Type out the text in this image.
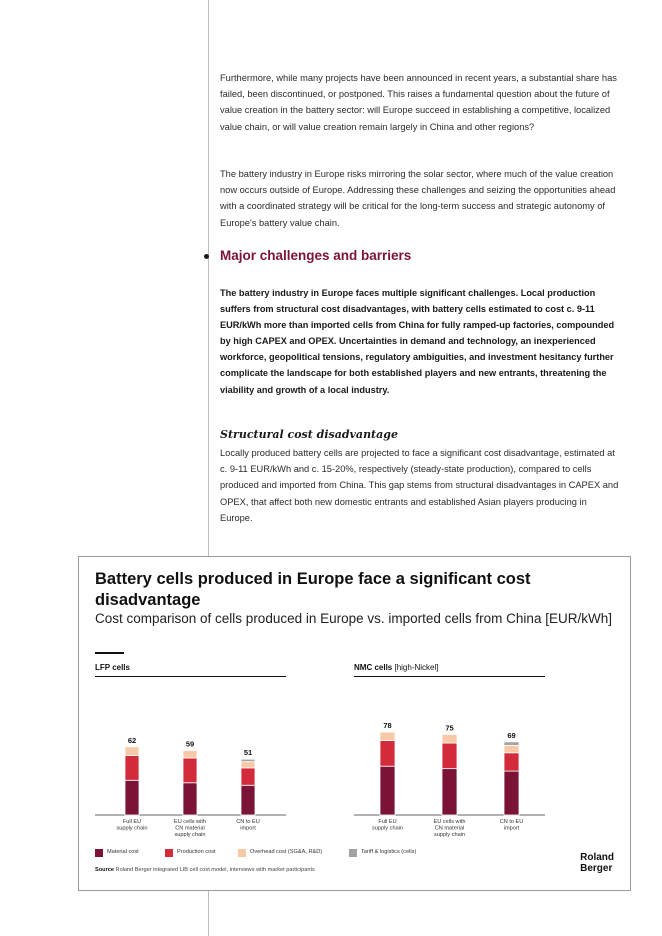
Furthermore, while many projects have been announced in recent years, a substantial share has failed, been discontinued, or postponed. This raises a fundamental question about the future of value creation in the battery sector: will Europe succeed in establishing a competitive, localized value chain, or will value creation remain largely in China and other regions?
The battery industry in Europe risks mirroring the solar sector, where much of the value creation now occurs outside of Europe. Addressing these challenges and seizing the opportunities ahead with a coordinated strategy will be critical for the long-term success and strategic autonomy of Europe's battery value chain.
Major challenges and barriers
The battery industry in Europe faces multiple significant challenges. Local production suffers from structural cost disadvantages, with battery cells estimated to cost c. 9-11 EUR/kWh more than imported cells from China for fully ramped-up factories, compounded by high CAPEX and OPEX. Uncertainties in demand and technology, an inexperienced workforce, geopolitical tensions, regulatory ambiguities, and investment hesitancy further complicate the landscape for both established players and new entrants, threatening the viability and growth of a local industry.
Structural cost disadvantage
Locally produced battery cells are projected to face a significant cost disadvantage, estimated at c. 9-11 EUR/kWh and c. 15-20%, respectively (steady-state production), compared to cells produced and imported from China. This gap stems from structural disadvantages in CAPEX and OPEX, that affect both new domestic entrants and established Asian players producing in Europe.
Battery cells produced in Europe face a significant cost disadvantage
Cost comparison of cells produced in Europe vs. imported cells from China [EUR/kWh]
LFP cells	NMC cells [high-Nickel]
62
Full EU
supply chain
59
EU cells with
CN material
supply chain
51
CN to EU
import
78
Full EU
supply chain
75
EU cells with
CN material
supply chain
69
CN to EU
import
Material cost	Production cost	Overhead cost (SG&A, R&D)	Tariff & logistics (cells)
Source Roland Berger integrated LIB cell cost model, interviews with market participants
Roland
Berger
